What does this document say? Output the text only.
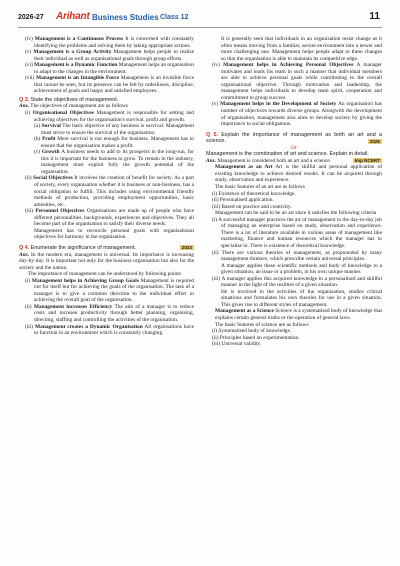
2026-27 Arihant Business Studies Class 12	11

(iv) Management is a Continuous Process It is concerned with constantly identifying the problems and solving them by taking appropriate actions.

(v) Management is a Group Activity Management helps people to realise their individual as well as organisational goals through group efforts.

(vi) Management is a Dynamic Function Management helps an organisation to adapt to the changes in the environment.

(vii) Management is an Intangible Force Management is an invisible force that cannot be seen, but its presence can be felt by orderliness, discipline, achievement of goals and happy and satisfied employees.

Q 3. State the objectives of management.

Ans. The objectives of management are as follows

(i) Organisational Objectives Management is responsible for setting and achieving objectives for the organisation's survival, profit and growth.

(a) Survival The basic objective of any business is survival. Management must strive to ensure the survival of the organisation.

(b) Profit Mere survival is not enough for business. Management has to ensure that the organisation makes a profit.

(c) Growth A business needs to add to its prospects in the long-run, for this it is important for the business to grow. To remain in the industry, management must exploit fully the growth potential of the organisation.

(ii) Social Objectives It involves the creation of benefit for society. As a part of society, every organisation whether it is business or non-business, has a social obligation to fulfill. This includes using environmental friendly methods of production, providing employment opportunities, basic amenities, etc.

(iii) Personnel Objectives Organisations are made up of people who have different personalities, backgrounds, experiences and objectives. They all become part of the organisation to satisfy their diverse needs.

Management has to reconcile personal goals with organisational objectives for harmony in the organisation.

Q 4. Enumerate the significance of management.	2023

Ans. In the modern era, management is universal. Its importance is increasing day-by-day. It is important not only for the business organisation but also for the society and the nation.

The importance of management can be understood by following points

(i) Management helps in Achieving Group Goals Management is required not for itself but for achieving the goals of the organisation. The task of a manager is to give a common direction to the individual effort in achieving the overall goal of the organisation.

(ii) Management increases Efficiency The aim of a manager is to reduce costs and increase productivity through better planning, organising, directing, staffing and controlling the activities of the organisation.

(iii) Management creates a Dynamic Organisation All organisations have to function in an environment which is constantly changing.

It is generally seen that individuals in an organisation resist change as it often means moving from a familiar, secure environment into a newer and more challenging one. Management helps people adapt to these changes so that the organisation is able to maintain its competitive edge.

(iv) Management helps in Achieving Personal Objectives A manager motivates and leads his team in such a manner that individual members are able to achieve personal goals while contributing to the overall organisational objective. Through motivation and leadership, the management helps individuals to develop team spirit, cooperation and commitment to group success.

(v) Management helps in the Development of Society An organisation has number of objectives towards diverse groups. Alongwith the development of organisation, management also aims to develop society by giving the importance to social obligations.

Q 5. Explain the importance of management as both an art and a science.	2026

Or

Management is the combination of art and science. Explain in detail.
Imp NCERT

Ans. Management is considered both an art and a science.

Management as an Art Art is the skilful and personal application of existing knowledge to achieve desired results. It can be acquired through study, observation and experience.

The basic features of an art are as follows

(i) Existence of theoretical knowledge.

(ii) Personalised application.

(iii) Based on practice and creativity.

Management can be said to be an art since it satisfies the following criteria

(i) A successful manager practices the art of management in the day-to-day job of managing an enterprise based on study, observation and experience. There is a lot of literature available in various areas of management like marketing, finance and human resources which the manager has to specialise in. There is existence of theoretical knowledge.

(ii) There are various theories of management, as propounded by many management thinkers, which prescribe certain universal principles.

A manager applies these scientific methods and body of knowledge to a given situation, an issue or a problem, in his own unique manner.

(iii) A manager applies this acquired knowledge in a personalised and skillful manner in the light of the realities of a given situation.

He is involved in the activities of the organisation, studies critical situations and formulates his own theories for use in a given situation. This gives rise to different styles of management.

Management as a Science Science is a systematised body of knowledge that explains certain general truths or the operation of general laws.

The basic features of science are as follows

(i) Systematised body of knowledge.

(ii) Principles based on experimentation.

(iii) Universal validity.
